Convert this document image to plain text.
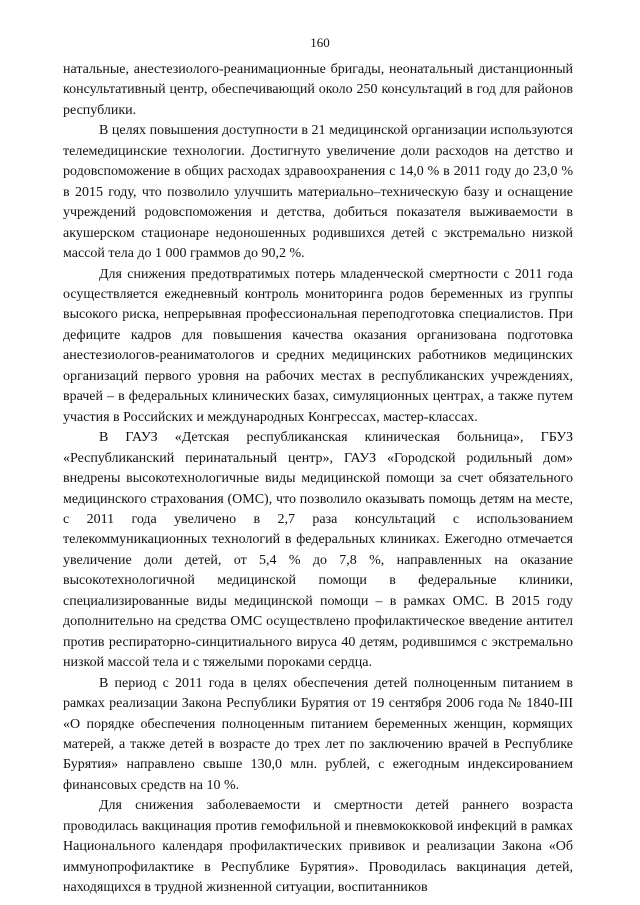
160

натальные, анестезиолого-реанимационные бригады, неонатальный дистанционный консультативный центр, обеспечивающий около 250 консультаций в год для районов республики.

В целях повышения доступности в 21 медицинской организации используются телемедицинские технологии. Достигнуто увеличение доли расходов на детство и родовспоможение в общих расходах здравоохранения с 14,0 % в 2011 году до 23,0 % в 2015 году, что позволило улучшить материально–техническую базу и оснащение учреждений родовспоможения и детства, добиться показателя выживаемости в акушерском стационаре недоношенных родившихся детей с экстремально низкой массой тела до 1 000 граммов до 90,2 %.

Для снижения предотвратимых потерь младенческой смертности с 2011 года осуществляется ежедневный контроль мониторинга родов беременных из группы высокого риска, непрерывная профессиональная переподготовка специалистов. При дефиците кадров для повышения качества оказания организована подготовка анестезиологов-реаниматологов и средних медицинских работников медицинских организаций первого уровня на рабочих местах в республиканских учреждениях, врачей – в федеральных клинических базах, симуляционных центрах, а также путем участия в Российских и международных Конгрессах, мастер-классах.

В ГАУЗ «Детская республиканская клиническая больница», ГБУЗ «Республиканский перинатальный центр», ГАУЗ «Городской родильный дом» внедрены высокотехнологичные виды медицинской помощи за счет обязательного медицинского страхования (ОМС), что позволило оказывать помощь детям на месте, с 2011 года увеличено в 2,7 раза консультаций с использованием телекоммуникационных технологий в федеральных клиниках. Ежегодно отмечается увеличение доли детей, от 5,4 % до 7,8 %, направленных на оказание высокотехнологичной медицинской помощи в федеральные клиники, специализированные виды медицинской помощи – в рамках ОМС. В 2015 году дополнительно на средства ОМС осуществлено профилактическое введение антител против респираторно-синцитиального вируса 40 детям, родившимся с экстремально низкой массой тела и с тяжелыми пороками сердца.

В период с 2011 года в целях обеспечения детей полноценным питанием в рамках реализации Закона Республики Бурятия от 19 сентября 2006 года № 1840-III «О порядке обеспечения полноценным питанием беременных женщин, кормящих матерей, а также детей в возрасте до трех лет по заключению врачей в Республике Бурятия» направлено свыше 130,0 млн. рублей, с ежегодным индексированием финансовых средств на 10 %.

Для снижения заболеваемости и смертности детей раннего возраста проводилась вакцинация против гемофильной и пневмококковой инфекций в рамках Национального календаря профилактических прививок и реализации Закона «Об иммунопрофилактике в Республике Бурятия». Проводилась вакцинация детей, находящихся в трудной жизненной ситуации, воспитанников
